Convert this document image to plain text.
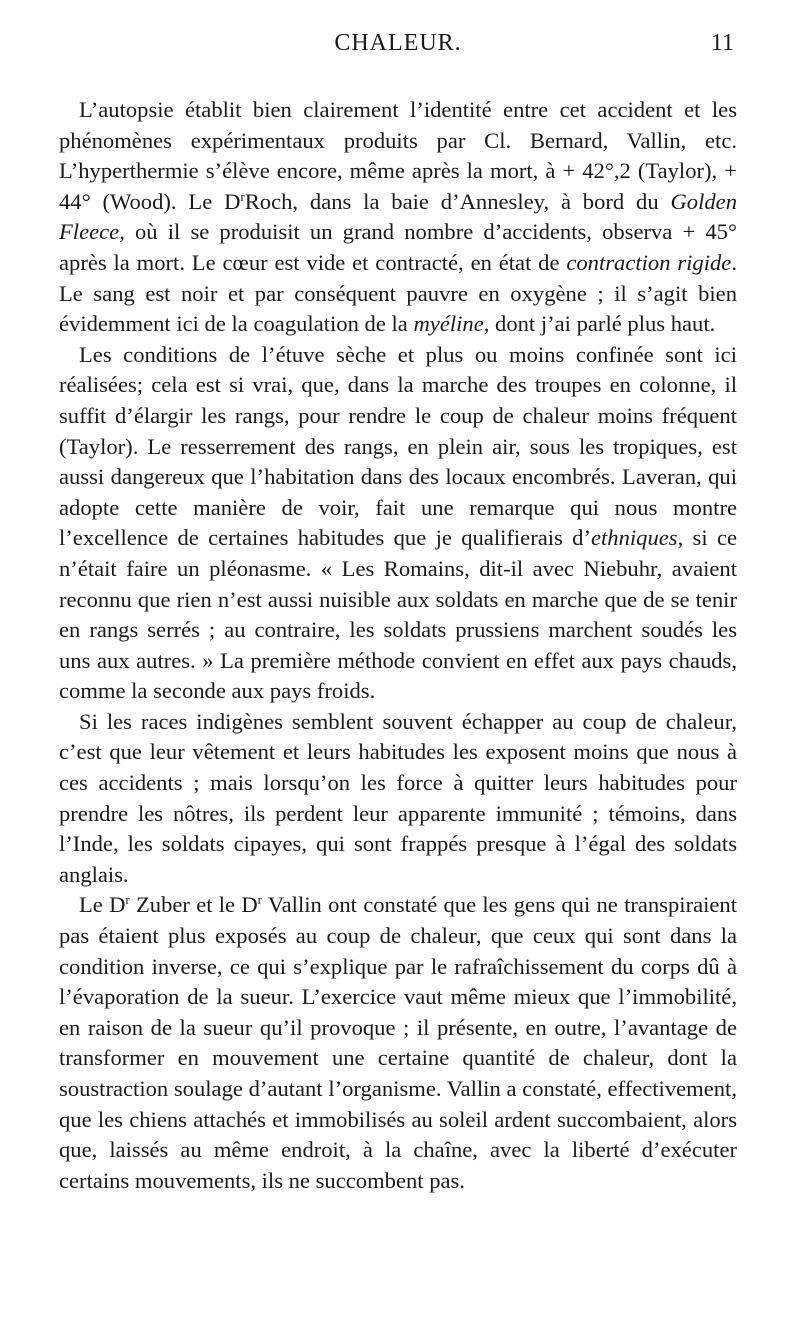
CHALEUR.	11

L’autopsie établit bien clairement l’identité entre cet accident et les phénomènes expérimentaux produits par Cl. Bernard, Vallin, etc. L’hyperthermie s’élève encore, même après la mort, à + 42°,2 (Taylor), + 44° (Wood). Le $D^rRoch$, dans la baie d’Annesley, à bord du Golden Fleece, où il se produisit un grand nombre d’accidents, observa + 45° après la mort. Le cœur est vide et contracté, en état de contraction rigide. Le sang est noir et par conséquent pauvre en oxygène ; il s’agit bien évidemment ici de la coagulation de la myéline, dont j’ai parlé plus haut.

Les conditions de l’étuve sèche et plus ou moins confinée sont ici réalisées; cela est si vrai, que, dans la marche des troupes en colonne, il suffit d’élargir les rangs, pour rendre le coup de chaleur moins fréquent (Taylor). Le resserrement des rangs, en plein air, sous les tropiques, est aussi dangereux que l’habitation dans des locaux encombrés. Laveran, qui adopte cette manière de voir, fait une remarque qui nous montre l’excellence de certaines habitudes que je qualifierais d’ethniques, si ce n’était faire un pléonasme. « Les Romains, dit-il avec Niebuhr, avaient reconnu que rien n’est aussi nuisible aux soldats en marche que de se tenir en rangs serrés ; au contraire, les soldats prussiens marchent soudés les uns aux autres. » La première méthode convient en effet aux pays chauds, comme la seconde aux pays froids.

Si les races indigènes semblent souvent échapper au coup de chaleur, c’est que leur vêtement et leurs habitudes les exposent moins que nous à ces accidents ; mais lorsqu’on les force à quitter leurs habitudes pour prendre les nôtres, ils perdent leur apparente immunité ; témoins, dans l’Inde, les soldats cipayes, qui sont frappés presque à l’égal des soldats anglais.

Le $D^r$ Zuber et le $D^r$ Vallin ont constaté que les gens qui ne transpiraient pas étaient plus exposés au coup de chaleur, que ceux qui sont dans la condition inverse, ce qui s’explique par le rafraîchissement du corps dû à l’évaporation de la sueur. L’exercice vaut même mieux que l’immobilité, en raison de la sueur qu’il provoque ; il présente, en outre, l’avantage de transformer en mouvement une certaine quantité de chaleur, dont la soustraction soulage d’autant l’organisme. Vallin a constaté, effectivement, que les chiens attachés et immobilisés au soleil ardent succombaient, alors que, laissés au même endroit, à la chaîne, avec la liberté d’exécuter certains mouvements, ils ne succombent pas.
